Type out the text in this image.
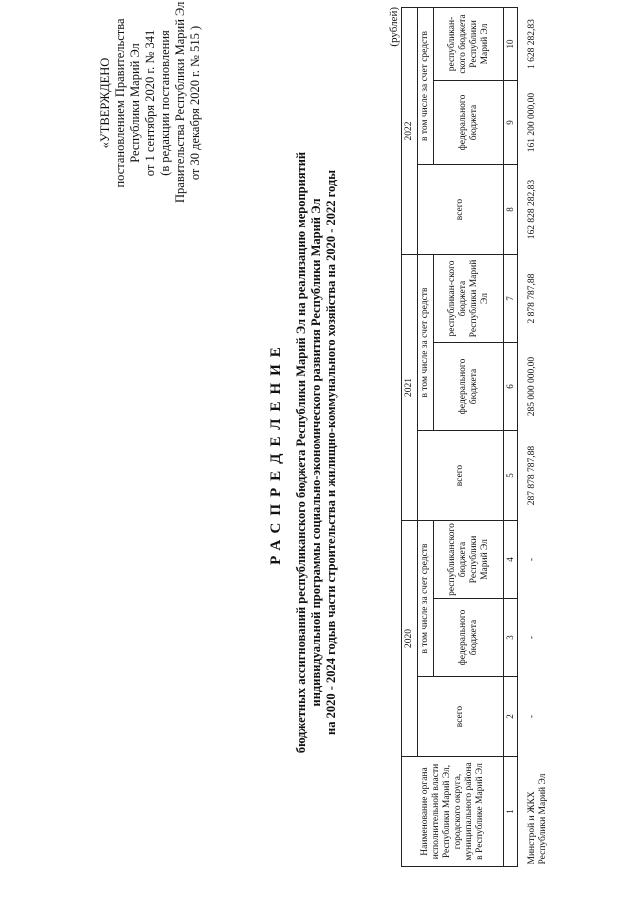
«УТВЕРЖДЕНО постановлением Правительства Республики Марий Эл от 1 сентября 2020 г. № 341 (в редакции постановления Правительства Республики Марий Эл от 30 декабря 2020 г. № 515 )
РАСПРЕДЕЛЕНИЕ бюджетных ассигнований республиканского бюджета Республики Марий Эл на реализацию мероприятий индивидуальной программы социально-экономического развития Республики Марий Эл на 2020 - 2024 годыв части строительства и жилищно-коммунального хозяйства на 2020 - 2022 годы
(рублей)
Наименование органа исполнительной власти Республики Марий Эл, городского округа, муниципального района в Республике Марий Эл	2020			2021			2022		
	всего	в том числе за счет средств		всего	в том числе за счет средств		всего	в том числе за счет средств	
		федерального бюджета	республиканского бюджета Республики Марий Эл		федерального бюджета	республикан-ского бюджета Республики Марий Эл		федерального бюджета	республикан-ского бюджета Республики Марий Эл
1	2	3	4	5	6	7	8	9	10
Минстрой и ЖКХ Республики Марий Эл	-	-	-	287 878 787,88	285 000 000,00	2 878 787,88	162 828 282,83	161 200 000,00	1 628 282,83
